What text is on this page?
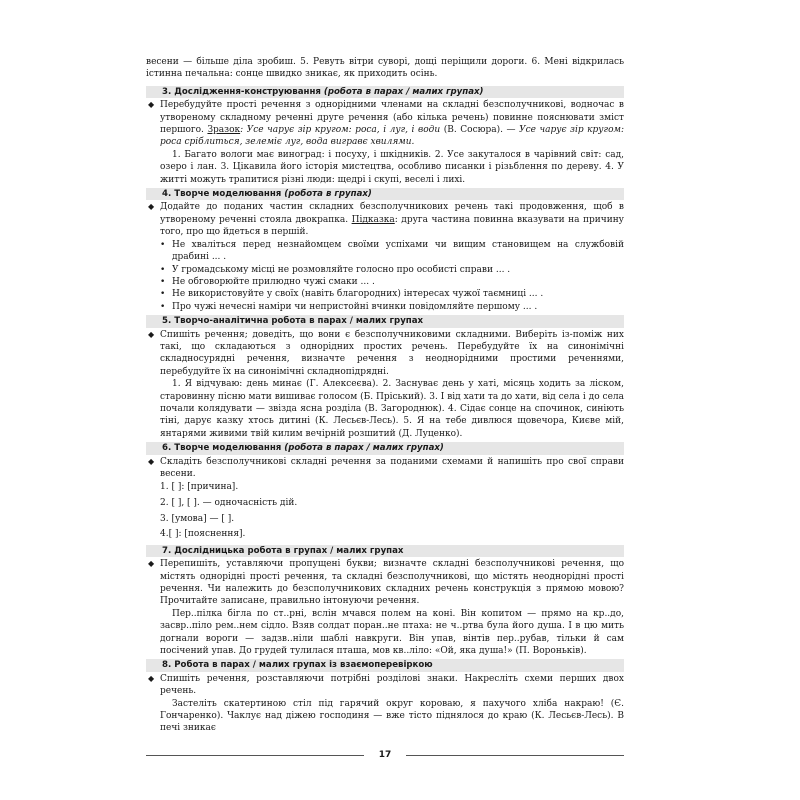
весени — більше діла зробиш. 5. Ревуть вітри суворі, дощі періщили дороги. 6. Мені відкрилась істинна печальна: сонце швидко зникає, як приходить осінь.

3. Дослідження-конструювання (робота в парах / малих групах)
◆ Перебудуйте прості речення з однорідними членами на складні безсполучникові, водночас в утвореному складному реченні друге речення (або кілька речень) повинне пояснювати зміст першого. Зразок: Усе чарує зір кругом: роса, і луг, і води (В. Сосюра). — Усе чарує зір кругом: роса сріблиться, зелеміє луг, вода вигравє хвилями.

1. Багато вологи має виноград: і посуху, і шкідників. 2. Усе закуталося в чарівний світ: сад, озеро і лан. 3. Цікавила його історія мистецтва, особливо писанки і різьблення по дереву. 4. У житті можуть трапитися різні люди: щедрі і скупі, веселі і лихі.

4. Творче моделювання (робота в групах)
◆ Додайте до поданих частин складних безсполучникових речень такі продовження, щоб в утвореному реченні стояла двокрапка. Підказка: друга частина повинна вказувати на причину того, про що йдеться в першій.

• Не хваліться перед незнайомцем своїми успіхами чи вищим становищем на службовій драбині ... .
• У громадському місці не розмовляйте голосно про особисті справи ... .
• Не обговорюйте прилюдно чужі смаки ... .
• Не використовуйте у своїх (навіть благородних) інтересах чужої таємниці ... .
• Про чужі нечесні наміри чи непристойні вчинки повідомляйте першому ... .
5. Творчо-аналітична робота в парах / малих групах
◆ Спишіть речення; доведіть, що вони є безсполучниковими складними. Виберіть із-поміж них такі, що складаються з однорідних простих речень. Перебудуйте їх на синонімічні складносурядні речення, визначте речення з неоднорідними простими реченнями, перебудуйте їх на синонімічні складнопідрядні.

1. Я відчуваю: день минає (Г. Алексеєва). 2. Заснуває день у хаті, місяць ходить за ліском, старовинну пісню мати вишиває голосом (Б. Пріський). 3. І від хати та до хати, від села і до села почали колядувати — звізда ясна розділа (В. Загороднюк). 4. Сідає сонце на спочинок, синіють тіні, дарує казку хтось дитині (К. Лесьєв-Лесь). 5. Я на тебе дивлюся щовечора, Києве мій, янтарями живими твій килим вечірній розшитий (Д. Луценко).

6. Творче моделювання (робота в парах / малих групах)
◆ Складіть безсполучникові складні речення за поданими схемами й напишіть про свої справи весени.

1. [ ]: [причина].
2. [ ], [ ]. — одночасність дій.
3. [умова] — [ ].
4.[ ]: [пояснення].
7. Дослідницька робота в групах / малих групах
◆ Перепишіть, уставляючи пропущені букви; визначте складні безсполучникові речення, що містять однорідні прості речення, та складні безсполучникові, що містять неоднорідні прості речення. Чи належить до безсполучникових складних речень конструкція з прямою мовою? Прочитайте записане, правильно інтонуючи речення.

Пер..пілка бігла по ст..рні, вслін мчався полем на коні. Він копитом — прямо на кр..до, засвр..піло рем..нем сідло. Взяв солдат поран..не птаха: не ч..ртва була його душа. І в цю мить догнали вороги — задзв..ніли шаблі навкруги. Він упав, вінтів пер..рубав, тільки й сам посічений упав. До грудей тулилася пташа, мов кв..ліло: «Ой, яка душа!» (П. Вороньків).

8. Робота в парах / малих групах із взаємоперевіркою
◆ Спишіть речення, розставляючи потрібні розділові знаки. Накресліть схеми перших двох речень.

Застеліть скатертиною стіл під гарячий округ короваю, я пахучого хліба накраю! (Є. Гончаренко). Чаклує над діжею господиня — вже тісто піднялося до краю (К. Лесьєв-Лесь). В печі зникає

17
